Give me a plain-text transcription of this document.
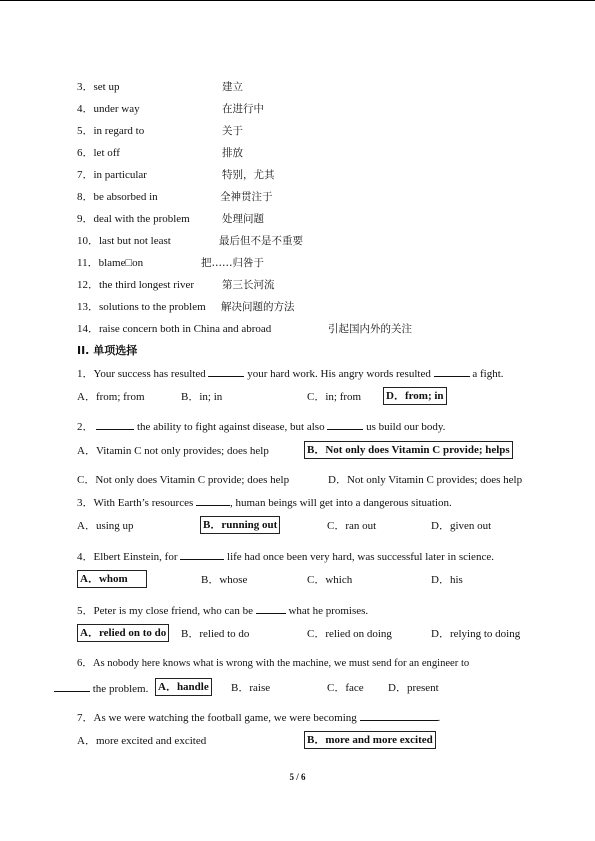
3．set up	建立
4．under way	在进行中
5．in regard to	关于
6．let off	排放
7．in particular	特别，尤其
8．be absorbed in	全神贯注于
9．deal with the problem	处理问题
10．last but not least	最后但不是不重要
11．blame□on	把……归咎于
12．the third longest river	第三长河流
13．solutions to the problem 解决问题的方法
14．raise concern both in China and abroad	引起国内外的关注
II. 单项选择
1．Your success has resulted	your hard work. His angry words resulted	a fight.
A．from; from	B．in; in	C．in; from D．from; in
2．	the ability to fight against disease, but also	us build our body.
A．Vitamin C not only provides; does help	B．Not only does Vitamin C provide; helps
C．Not only does Vitamin C provide; does help	D．Not only Vitamin C provides; does help
3．With Earth’s resources	, human beings will get into a dangerous situation.
A．using up	B．running out	C．ran out	D．given out
4．Elbert Einstein, for	life had once been very hard, was successful later in science.
A．whom	B．whose	C．which	D．his
5．Peter is my close friend, who can be	what he promises.
A．relied on to do B．relied to do	C．relied on doing	D．relying to doing
6．As nobody here knows what is wrong with the machine, we must send for an engineer to
the problem. A．handle B．raise	C．face D．present
7．As we were watching the football game, we were becoming	.
A．more excited and excited	B．more and more excited
5 / 6
